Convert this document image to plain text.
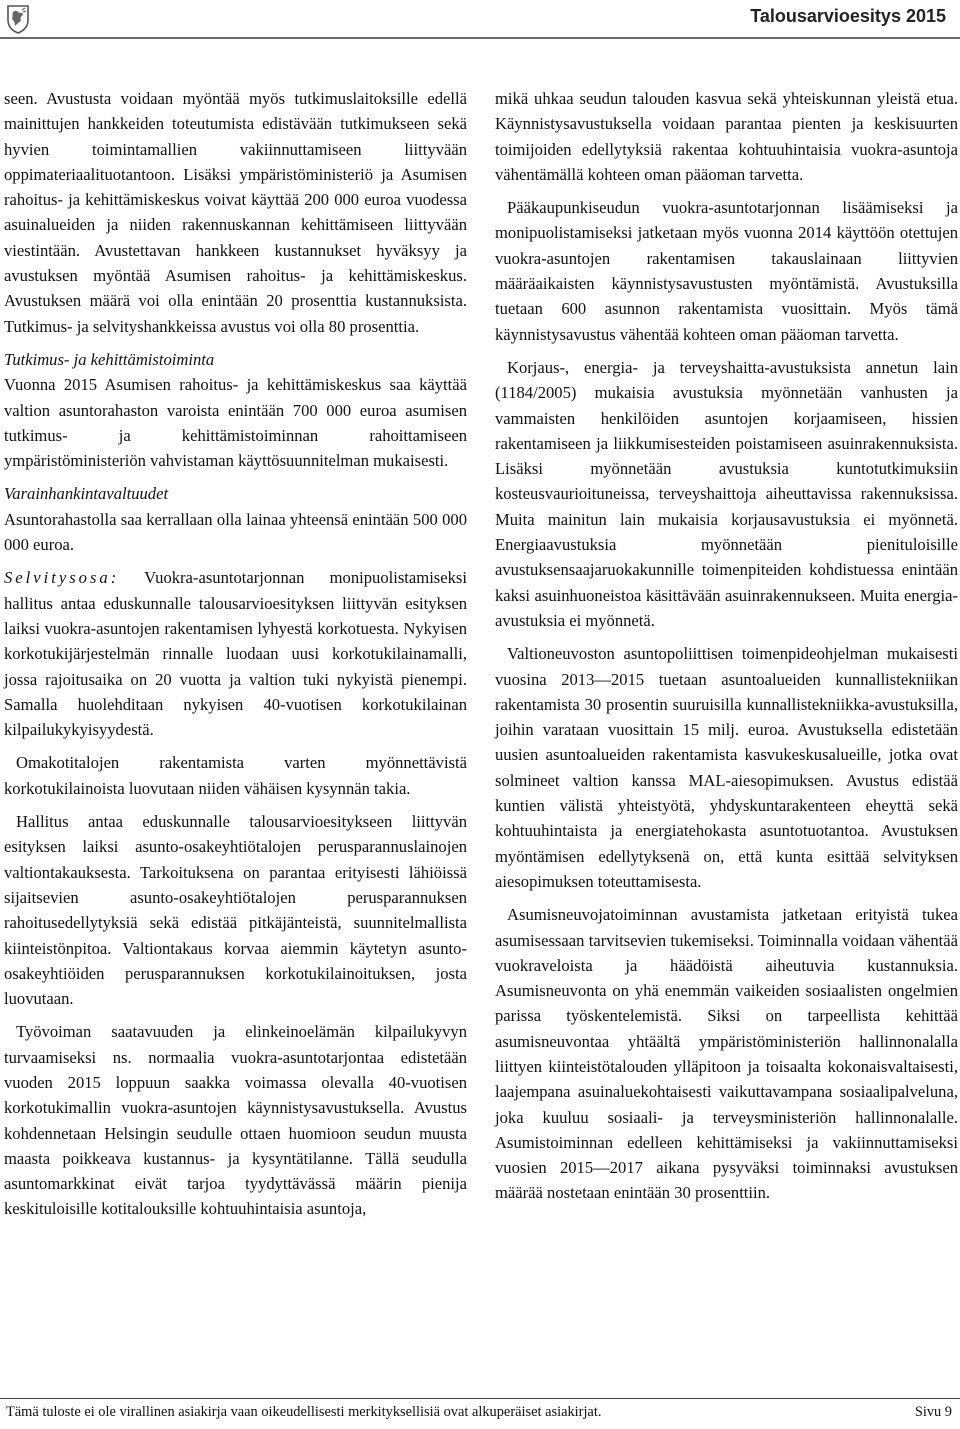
Talousarvioesitys 2015

seen. Avustusta voidaan myöntää myös tutkimuslaitoksille edellä mainittujen hankkeiden toteutumista edistävään tutkimukseen sekä hyvien toimintamallien vakiinnuttamiseen liittyvään oppimateriaalituotantoon. Lisäksi ympäristöministeriö ja Asumisen rahoitus- ja kehittämiskeskus voivat käyttää 200 000 euroa vuodessa asuinalueiden ja niiden rakennuskannan kehittämiseen liittyvään viestintään. Avustettavan hankkeen kustannukset hyväksyy ja avustuksen myöntää Asumisen rahoitus- ja kehittämiskeskus. Avustuksen määrä voi olla enintään 20 prosenttia kustannuksista. Tutkimus- ja selvityshankkeissa avustus voi olla 80 prosenttia.

Tutkimus- ja kehittämistoiminta

Vuonna 2015 Asumisen rahoitus- ja kehittämiskeskus saa käyttää valtion asuntorahaston varoista enintään 700 000 euroa asumisen tutkimus- ja kehittämistoiminnan rahoittamiseen ympäristöministeriön vahvistaman käyttösuunnitelman mukaisesti.

Varainhankintavaltuudet

Asuntorahastolla saa kerrallaan olla lainaa yhteensä enintään 500 000 000 euroa.

Selvitysosa: Vuokra-asuntotarjonnan monipuolistamiseksi hallitus antaa eduskunnalle talousarvioesityksen liittyvän esityksen laiksi vuokra-asuntojen rakentamisen lyhyestä korkotuesta. Nykyisen korkotukijärjestelmän rinnalle luodaan uusi korkotukilainamalli, jossa rajoitusaika on 20 vuotta ja valtion tuki nykyistä pienempi. Samalla huolehditaan nykyisen 40-vuotisen korkotukilainan kilpailukykyisyydestä.

Omakotitalojen rakentamista varten myönnettävistä korkotukilainoista luovutaan niiden vähäisen kysynnän takia.

Hallitus antaa eduskunnalle talousarvioesitykseen liittyvän esityksen laiksi asunto-osakeyhtiötalojen perusparannuslainojen valtiontakauksesta. Tarkoituksena on parantaa erityisesti lähiöissä sijaitsevien asunto-osakeyhtiötalojen perusparannuksen rahoitusedellytyksiä sekä edistää pitkäjänteistä, suunnitelmallista kiinteistönpitoa. Valtiontakaus korvaa aiemmin käytetyn asunto-osakeyhtiöiden perusparannuksen korkotukilainoituksen, josta luovutaan.

Työvoiman saatavuuden ja elinkeinoelämän kilpailukyvyn turvaamiseksi ns. normaalia vuokra-asuntotarjontaa edistetään vuoden 2015 loppuun saakka voimassa olevalla 40-vuotisen korkotukimallin vuokra-asuntojen käynnistysavustuksella. Avustus kohdennetaan Helsingin seudulle ottaen huomioon seudun muusta maasta poikkeava kustannus- ja kysyntätilanne. Tällä seudulla asuntomarkkinat eivät tarjoa tyydyttävässä määrin pienija keskituloisille kotitalouksille kohtuuhintaisia asuntoja,

mikä uhkaa seudun talouden kasvua sekä yhteiskunnan yleistä etua. Käynnistysavustuksella voidaan parantaa pienten ja keskisuurten toimijoiden edellytyksiä rakentaa kohtuuhintaisia vuokra-asuntoja vähentämällä kohteen oman pääoman tarvetta.

Pääkaupunkiseudun vuokra-asuntotarjonnan lisäämiseksi ja monipuolistamiseksi jatketaan myös vuonna 2014 käyttöön otettujen vuokra-asuntojen rakentamisen takauslainaan liittyvien määräaikaisten käynnistysavustusten myöntämistä. Avustuksilla tuetaan 600 asunnon rakentamista vuosittain. Myös tämä käynnistysavustus vähentää kohteen oman pääoman tarvetta.

Korjaus-, energia- ja terveyshaitta-avustuksista annetun lain (1184/2005) mukaisia avustuksia myönnetään vanhusten ja vammaisten henkilöiden asuntojen korjaamiseen, hissien rakentamiseen ja liikkumisesteiden poistamiseen asuinrakennuksista. Lisäksi myönnetään avustuksia kuntotutkimuksiin kosteusvaurioituneissa, terveyshaittoja aiheuttavissa rakennuksissa. Muita mainitun lain mukaisia korjausavustuksia ei myönnetä. Energiaavustuksia myönnetään pienituloisille avustuksensaajaruokakunnille toimenpiteiden kohdistuessa enintään kaksi asuinhuoneistoa käsittävään asuinrakennukseen. Muita energia-avustuksia ei myönnetä.

Valtioneuvoston asuntopoliittisen toimenpideohjelman mukaisesti vuosina 2013—2015 tuetaan asuntoalueiden kunnallistekniikan rakentamista 30 prosentin suuruisilla kunnallistekniikka-avustuksilla, joihin varataan vuosittain 15 milj. euroa. Avustuksella edistetään uusien asuntoalueiden rakentamista kasvukeskusalueille, jotka ovat solmineet valtion kanssa MAL-aiesopimuksen. Avustus edistää kuntien välistä yhteistyötä, yhdyskuntarakenteen eheyttä sekä kohtuuhintaista ja energiatehokasta asuntotuotantoa. Avustuksen myöntämisen edellytyksenä on, että kunta esittää selvityksen aiesopimuksen toteuttamisesta.

Asumisneuvojatoiminnan avustamista jatketaan erityistä tukea asumisessaan tarvitsevien tukemiseksi. Toiminnalla voidaan vähentää vuokraveloista ja häädöistä aiheutuvia kustannuksia. Asumisneuvonta on yhä enemmän vaikeiden sosiaalisten ongelmien parissa työskentelemistä. Siksi on tarpeellista kehittää asumisneuvontaa yhtäältä ympäristöministeriön hallinnonalalla liittyen kiinteistötalouden ylläpitoon ja toisaalta kokonaisvaltaisesti, laajempana asuinaluekohtaisesti vaikuttavampana sosiaalipalveluna, joka kuuluu sosiaali- ja terveysministeriön hallinnonalalle. Asumistoiminnan edelleen kehittämiseksi ja vakiinnuttamiseksi vuosien 2015—2017 aikana pysyväksi toiminnaksi avustuksen määrää nostetaan enintään 30 prosenttiin.

Tämä tuloste ei ole virallinen asiakirja vaan oikeudellisesti merkityksellisiä ovat alkuperäiset asiakirjat.	Sivu 9
